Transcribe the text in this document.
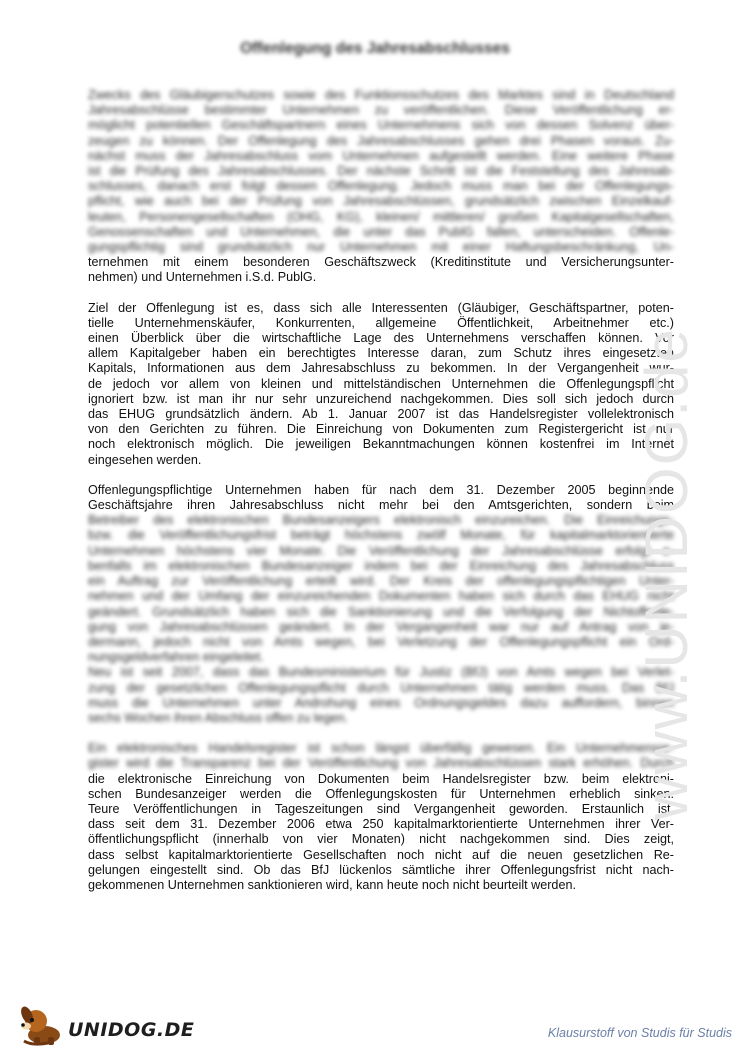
Offenlegung des Jahresabschlusses
Zwecks des Gläubigerschutzes sowie des Funktionsschutzes des Marktes sind in Deutschland
Jahresabschlüsse bestimmter Unternehmen zu veröffentlichen. Diese Veröffentlichung er-
möglicht potentiellen Geschäftspartnern eines Unternehmens sich von dessen Solvenz über-
zeugen zu können. Der Offenlegung des Jahresabschlusses gehen drei Phasen voraus. Zu-
nächst muss der Jahresabschluss vom Unternehmen aufgestellt werden. Eine weitere Phase
ist die Prüfung des Jahresabschlusses. Der nächste Schritt ist die Feststellung des Jahresab-
schlusses, danach erst folgt dessen Offenlegung. Jedoch muss man bei der Offenlegungs-
pflicht, wie auch bei der Prüfung von Jahresabschlüssen, grundsätzlich zwischen Einzelkauf-
leuten, Personengesellschaften (OHG, KG), kleinen/ mittleren/ großen Kapitalgesellschaften,
Genossenschaften und Unternehmen, die unter das PublG fallen, unterscheiden. Offenle-
gungspflichtig sind grundsätzlich nur Unternehmen mit einer Haftungsbeschränkung, Un-
ternehmen mit einem besonderen Geschäftszweck (Kreditinstitute und Versicherungsunter-
nehmen) und Unternehmen i.S.d. PublG.
Ziel der Offenlegung ist es, dass sich alle Interessenten (Gläubiger, Geschäftspartner, poten-
tielle Unternehmenskäufer, Konkurrenten, allgemeine Öffentlichkeit, Arbeitnehmer etc.)
einen Überblick über die wirtschaftliche Lage des Unternehmens verschaffen können. Vor
allem Kapitalgeber haben ein berechtigtes Interesse daran, zum Schutz ihres eingesetzten
Kapitals, Informationen aus dem Jahresabschluss zu bekommen. In der Vergangenheit wur-
de jedoch vor allem von kleinen und mittelständischen Unternehmen die Offenlegungspflicht
ignoriert bzw. ist man ihr nur sehr unzureichend nachgekommen. Dies soll sich jedoch durch
das EHUG grundsätzlich ändern. Ab 1. Januar 2007 ist das Handelsregister vollelektronisch
von den Gerichten zu führen. Die Einreichung von Dokumenten zum Registergericht ist nur
noch elektronisch möglich. Die jeweiligen Bekanntmachungen können kostenfrei im Internet
eingesehen werden.
Offenlegungspflichtige Unternehmen haben für nach dem 31. Dezember 2005 beginnende
Geschäftsjahre ihren Jahresabschluss nicht mehr bei den Amtsgerichten, sondern beim
Betreiber des elektronischen Bundesanzeigers elektronisch einzureichen. Die Einreichungs-
bzw. die Veröffentlichungsfrist beträgt höchstens zwölf Monate, für kapitalmarktorientierte
Unternehmen höchstens vier Monate. Die Veröffentlichung der Jahresabschlüsse erfolgt e-
benfalls im elektronischen Bundesanzeiger indem bei der Einreichung des Jahresabschluss
ein Auftrag zur Veröffentlichung erteilt wird. Der Kreis der offenlegungspflichtigen Unter-
nehmen und der Umfang der einzureichenden Dokumenten haben sich durch das EHUG nicht
geändert. Grundsätzlich haben sich die Sanktionierung und die Verfolgung der Nichtoffenle-
gung von Jahresabschlüssen geändert. In der Vergangenheit war nur auf Antrag von je-
dermann, jedoch nicht von Amts wegen, bei Verletzung der Offenlegungspflicht ein Ord-
nungsgeldverfahren eingeleitet.
Neu ist seit 2007, dass das Bundesministerium für Justiz (BfJ) von Amts wegen bei Verlet-
zung der gesetzlichen Offenlegungspflicht durch Unternehmen tätig werden muss. Das BfJ
muss die Unternehmen unter Androhung eines Ordnungsgeldes dazu auffordern, binnen
sechs Wochen ihren Abschluss offen zu legen.
Ein elektronisches Handelsregister ist schon längst überfällig gewesen. Ein Unternehmensre-
gister wird die Transparenz bei der Veröffentlichung von Jahresabschlüssen stark erhöhen. Durch
die elektronische Einreichung von Dokumenten beim Handelsregister bzw. beim elektroni-
schen Bundesanzeiger werden die Offenlegungskosten für Unternehmen erheblich sinken.
Teure Veröffentlichungen in Tageszeitungen sind Vergangenheit geworden. Erstaunlich ist,
dass seit dem 31. Dezember 2006 etwa 250 kapitalmarktorientierte Unternehmen ihrer Ver-
öffentlichungspflicht (innerhalb von vier Monaten) nicht nachgekommen sind. Dies zeigt,
dass selbst kapitalmarktorientierte Gesellschaften noch nicht auf die neuen gesetzlichen Re-
gelungen eingestellt sind. Ob das BfJ lückenlos sämtliche ihrer Offenlegungsfrist nicht nach-
gekommenen Unternehmen sanktionieren wird, kann heute noch nicht beurteilt werden.
www.UNIDOG.de
UNIDOG.DE	Klausurstoff von Studis für Studis
